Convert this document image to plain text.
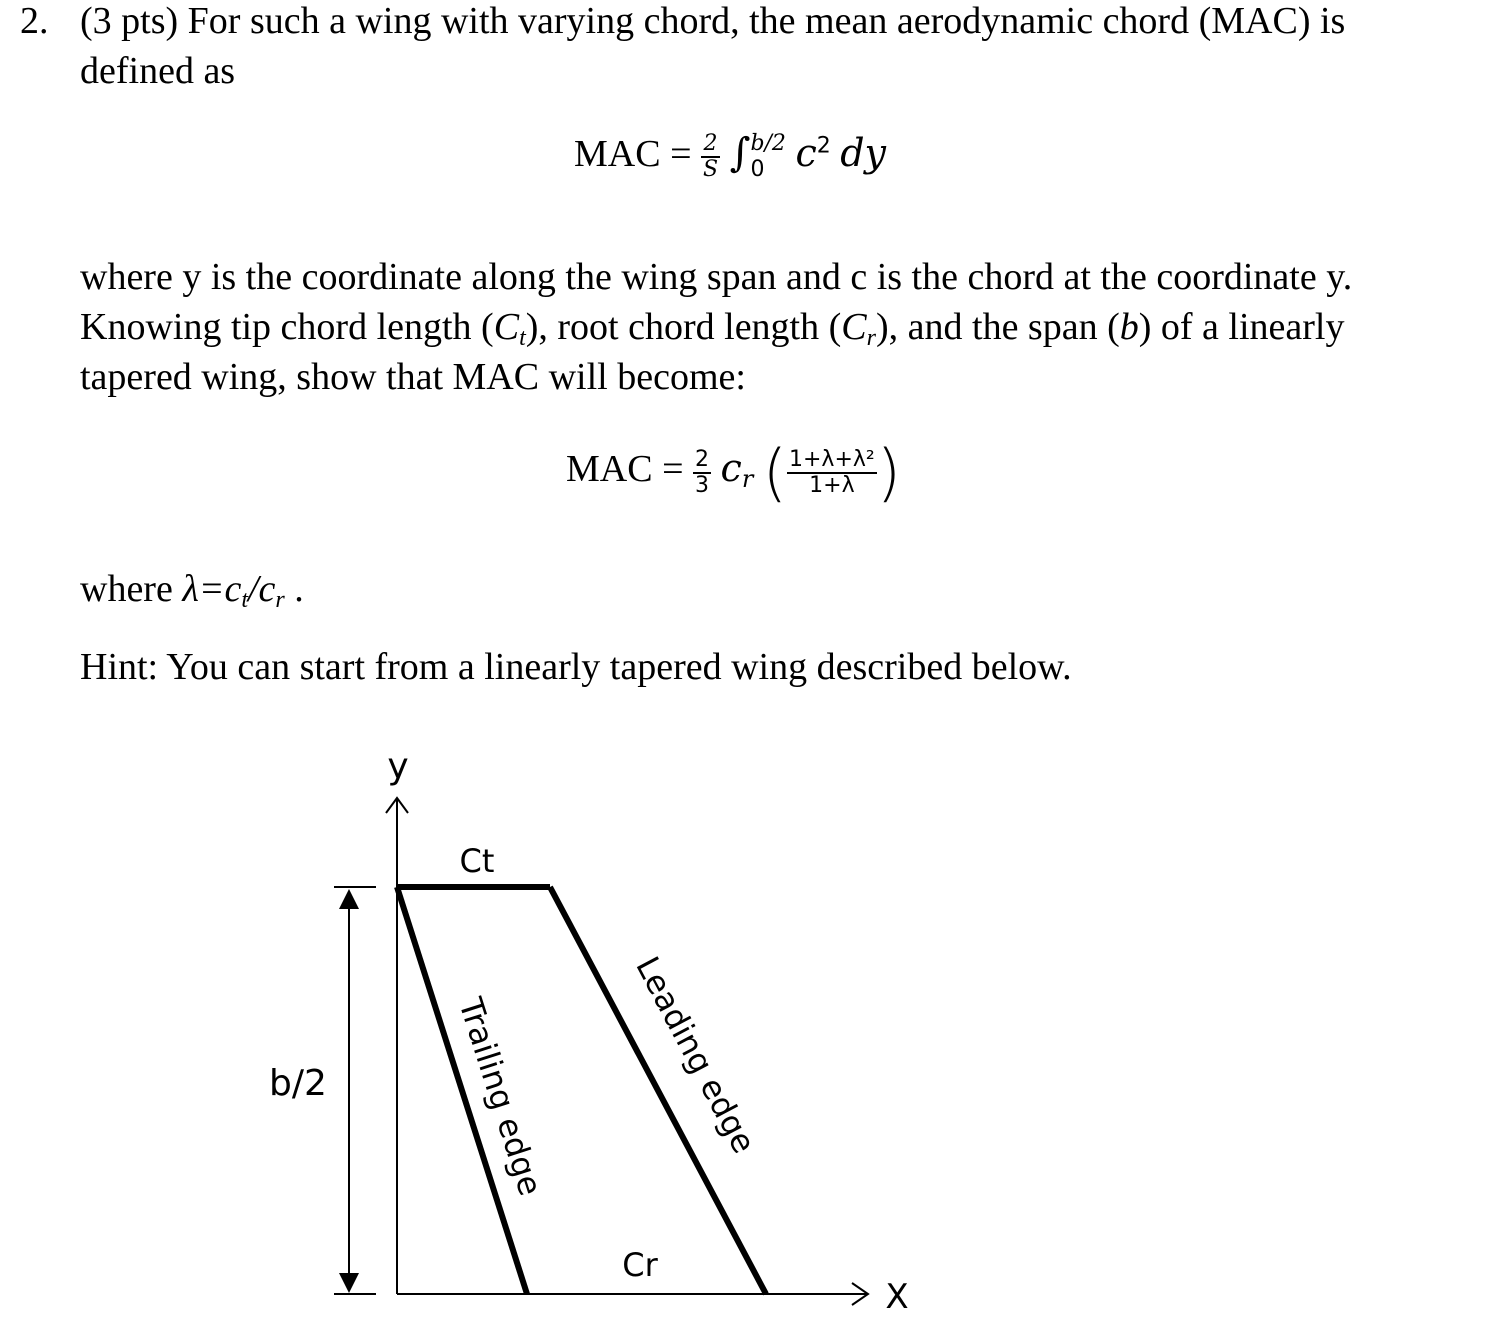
2. (3 pts) For such a wing with varying chord, the mean aerodynamic chord (MAC) is
defined as
MAC = $\frac{2}{S}$ ∫ b/2
0 $c^2$ dy
where y is the coordinate along the wing span and c is the chord at the coordinate y.
Knowing tip chord length $(C_t)$, root chord length $(C_r)$, and the span (b) of a linearly
tapered wing, show that MAC will become:
MAC = $\frac{2}{3}$ cr ( $\frac{\text{1+λ+λ²}}{1+\lambda}$ )
where $\lambda=c_t/c_r$ .
Hint: You can start from a linearly tapered wing described below.
y
X
b/2
Ct
Cr
Trailing edge Leading edge
